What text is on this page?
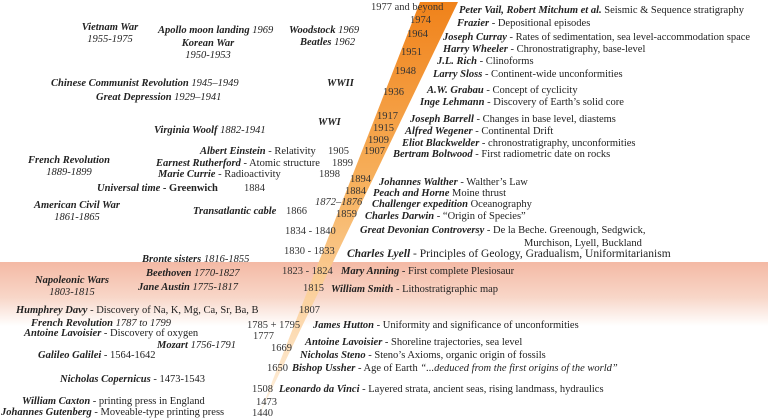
1977 and beyond
1974
1964
1951
1948
1936
1917
1915
1909
1907
1905
1899
1898 1894
1884
1884
1872–1876
1866	1859
1834 - 1840
1830 - 1833
1823 - 1824
1815
1807
1785 + 1795
1777
1669
1650
1508
1473
1440
Peter Vail, Robert Mitchum et al. Seismic & Sequence stratigraphy
Frazier - Depositional episodes
Joseph Curray - Rates of sedimentation, sea level-accommodation space
Harry Wheeler - Chronostratigraphy, base-level
J.L. Rich - Clinoforms
Larry Sloss - Continent-wide unconformities
A.W. Grabau - Concept of cyclicity
Inge Lehmann - Discovery of Earth’s solid core
Joseph Barrell - Changes in base level, diastems
Alfred Wegener - Continental Drift
Eliot Blackwelder - chronostratigraphy, unconformities
Bertram Boltwood - First radiometric date on rocks
Johannes Walther - Walther’s Law
Peach and Horne Moine thrust
Challenger expedition Oceanography
Charles Darwin - “Origin of Species”
Great Devonian Controversy - De la Beche. Greenough, Sedgwick,
Murchison, Lyell, Buckland
Charles Lyell - Principles of Geology, Gradualism, Uniformitarianism
Mary Anning - First complete Plesiosaur
William Smith - Lithostratigraphic map
James Hutton - Uniformity and significance of unconformities
Antoine Lavoisier - Shoreline trajectories, sea level
Nicholas Steno - Steno’s Axioms, organic origin of fossils
Bishop Ussher - Age of Earth “...deduced from the first origins of the world”
Leonardo da Vinci - Layered strata, ancient seas, rising landmass, hydraulics
Vietnam War
1955-1975
Apollo moon landing 1969
Korean War
1950-1953
Woodstock 1969
Beatles 1962
Chinese Communist Revolution 1945–1949
Great Depression 1929–1941
WWII
WWI
Virginia Woolf 1882-1941
Albert Einstein - Relativity
French Revolution
1889-1899
Earnest Rutherford - Atomic structure
Marie Currie - Radioactivity
Universal time - Greenwich
American Civil War
1861-1865
Transatlantic cable
Bronte sisters 1816-1855
Napoleonic Wars
1803-1815
Beethoven 1770-1827
Jane Austin 1775-1817
Humphrey Davy - Discovery of Na, K, Mg, Ca, Sr, Ba, B
French Revolution 1787 to 1799
Antoine Lavoisier - Discovery of oxygen
Mozart 1756-1791
Galileo Galilei - 1564-1642
Nicholas Copernicus - 1473-1543
William Caxton - printing press in England
Johannes Gutenberg - Moveable-type printing press
